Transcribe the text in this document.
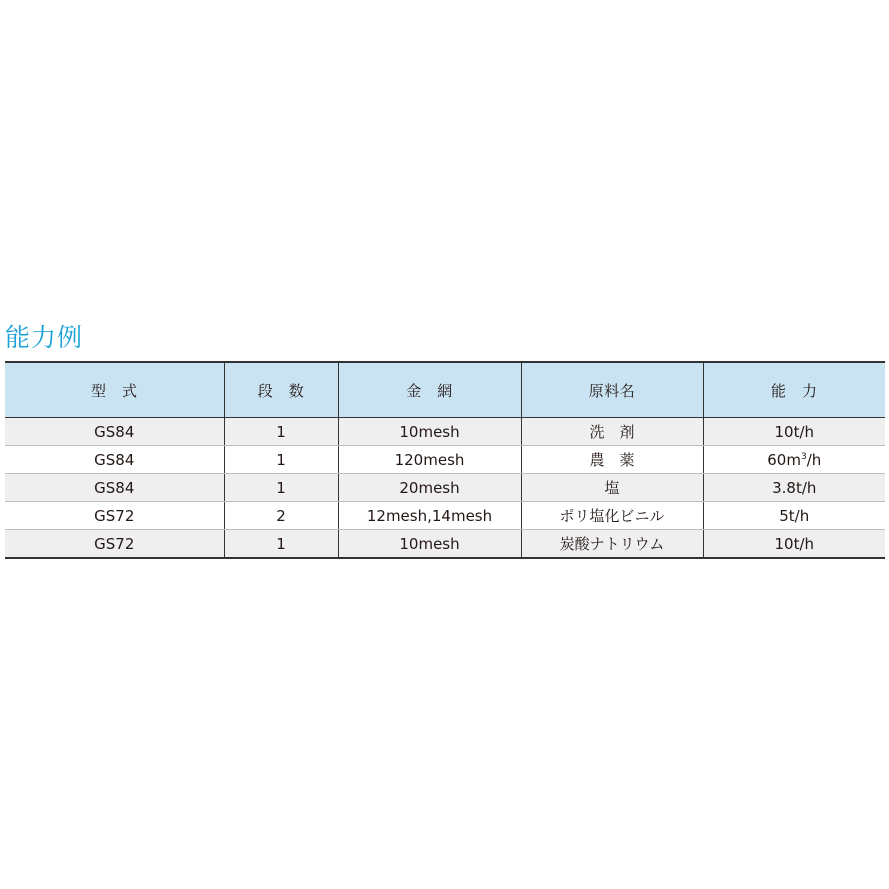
能力例
型　式	段　数	金　網	原料名	能　力
GS84	1	10mesh	洗　剤	10t/h
GS84	1	120mesh	農　薬	$60m^3/h$
GS84	1	20mesh	塩	3.8t/h
GS72	2	12mesh,14mesh	ポリ塩化ビニル	5t/h
GS72	1	10mesh	炭酸ナトリウム	10t/h
